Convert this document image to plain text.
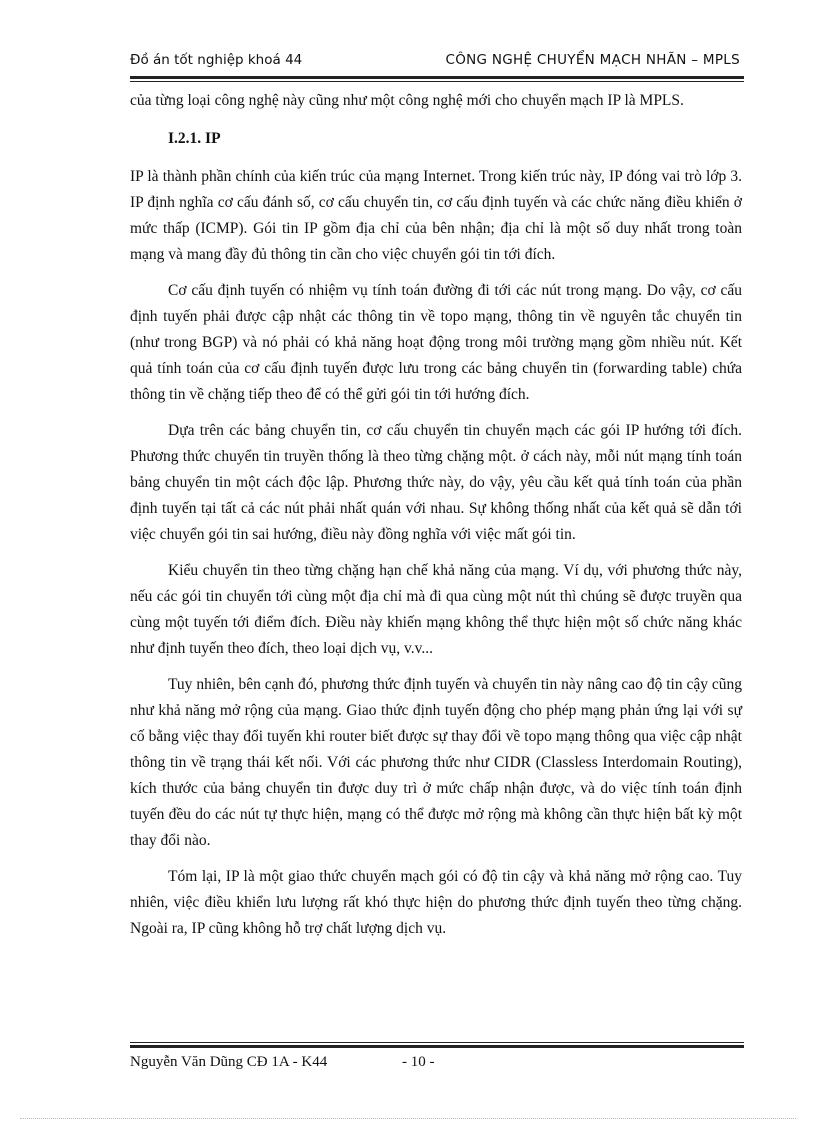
Đồ án tốt nghiệp khoá 44	CÔNG NGHỆ CHUYỂN MẠCH NHÃN – MPLS

của từng loại công nghệ này cũng như một công nghệ mới cho chuyển mạch IP là MPLS.

I.2.1. IP

IP là thành phần chính của kiến trúc của mạng Internet. Trong kiến trúc này, IP đóng vai trò lớp 3. IP định nghĩa cơ cấu đánh số, cơ cấu chuyển tin, cơ cấu định tuyến và các chức năng điều khiển ở mức thấp (ICMP). Gói tin IP gồm địa chỉ của bên nhận; địa chỉ là một số duy nhất trong toàn mạng và mang đầy đủ thông tin cần cho việc chuyển gói tin tới đích.

Cơ cấu định tuyến có nhiệm vụ tính toán đường đi tới các nút trong mạng. Do vậy, cơ cấu định tuyến phải được cập nhật các thông tin về topo mạng, thông tin về nguyên tắc chuyển tin (như trong BGP) và nó phải có khả năng hoạt động trong môi trường mạng gồm nhiều nút. Kết quả tính toán của cơ cấu định tuyến được lưu trong các bảng chuyển tin (forwarding table) chứa thông tin về chặng tiếp theo để có thể gửi gói tin tới hướng đích.

Dựa trên các bảng chuyển tin, cơ cấu chuyển tin chuyển mạch các gói IP hướng tới đích. Phương thức chuyển tin truyền thống là theo từng chặng một. ở cách này, mỗi nút mạng tính toán bảng chuyển tin một cách độc lập. Phương thức này, do vậy, yêu cầu kết quả tính toán của phần định tuyến tại tất cả các nút phải nhất quán với nhau. Sự không thống nhất của kết quả sẽ dẫn tới việc chuyển gói tin sai hướng, điều này đồng nghĩa với việc mất gói tin.

Kiểu chuyển tin theo từng chặng hạn chế khả năng của mạng. Ví dụ, với phương thức này, nếu các gói tin chuyển tới cùng một địa chỉ mà đi qua cùng một nút thì chúng sẽ được truyền qua cùng một tuyến tới điểm đích. Điều này khiến mạng không thể thực hiện một số chức năng khác như định tuyến theo đích, theo loại dịch vụ, v.v...

Tuy nhiên, bên cạnh đó, phương thức định tuyến và chuyển tin này nâng cao độ tin cậy cũng như khả năng mở rộng của mạng. Giao thức định tuyến động cho phép mạng phản ứng lại với sự cố bằng việc thay đổi tuyến khi router biết được sự thay đổi về topo mạng thông qua việc cập nhật thông tin về trạng thái kết nối. Với các phương thức như CIDR (Classless Interdomain Routing), kích thước của bảng chuyển tin được duy trì ở mức chấp nhận được, và do việc tính toán định tuyến đều do các nút tự thực hiện, mạng có thể được mở rộng mà không cần thực hiện bất kỳ một thay đổi nào.

Tóm lại, IP là một giao thức chuyển mạch gói có độ tin cậy và khả năng mở rộng cao. Tuy nhiên, việc điều khiển lưu lượng rất khó thực hiện do phương thức định tuyến theo từng chặng. Ngoài ra, IP cũng không hỗ trợ chất lượng dịch vụ.

Nguyễn Văn Dũng CĐ 1A - K44	- 10 -
